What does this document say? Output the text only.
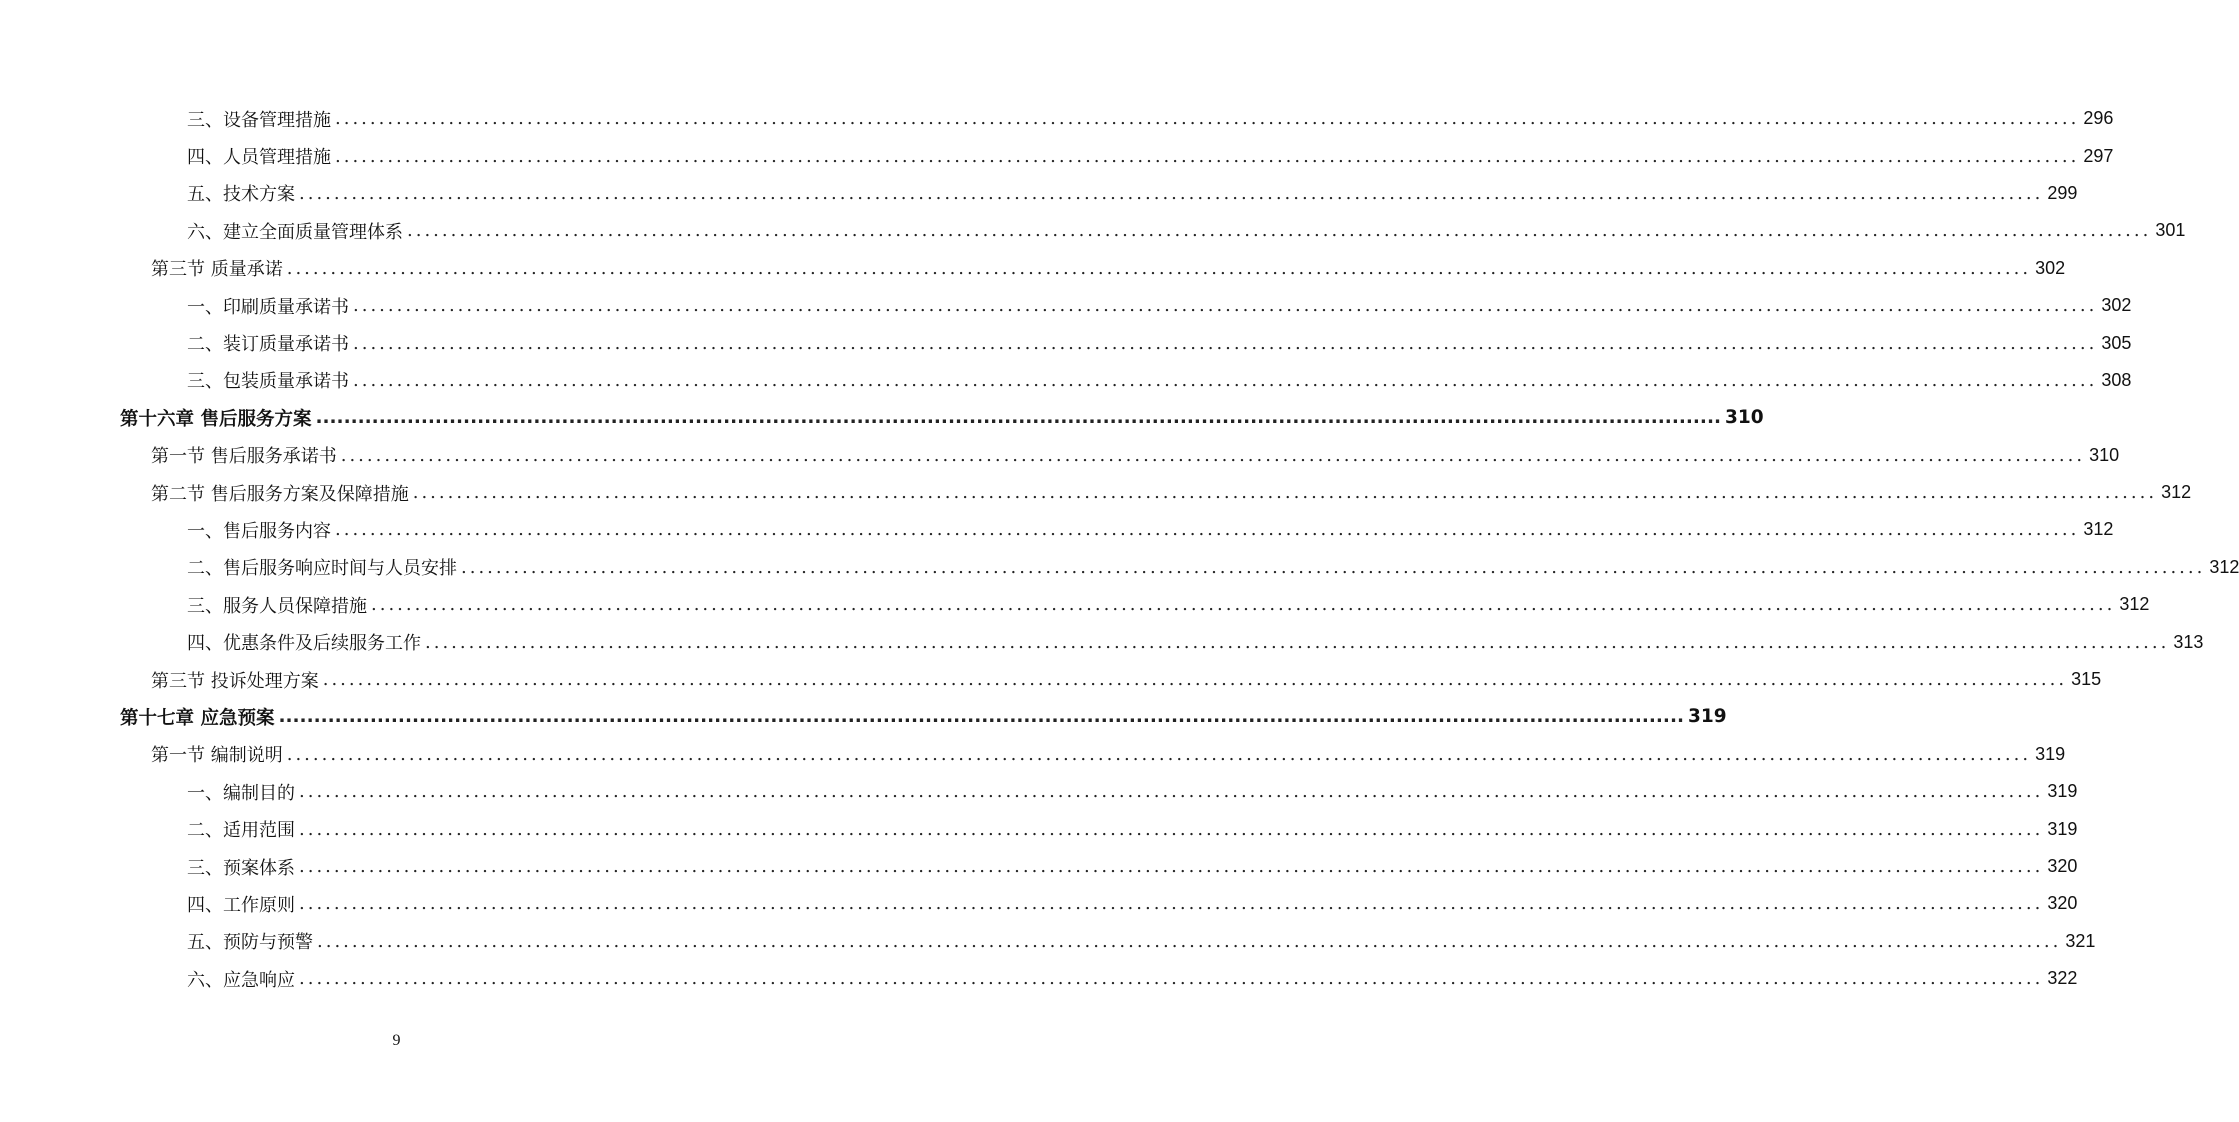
三、设备管理措施 ........................................................................................................................................................................................................ 296
四、人员管理措施 ........................................................................................................................................................................................................ 297
五、技术方案 ........................................................................................................................................................................................................ 299
六、建立全面质量管理体系 ........................................................................................................................................................................................................ 301
第三节 质量承诺 ........................................................................................................................................................................................................ 302
一、印刷质量承诺书 ........................................................................................................................................................................................................ 302
二、装订质量承诺书 ........................................................................................................................................................................................................ 305
三、包装质量承诺书 ........................................................................................................................................................................................................ 308
第十六章 售后服务方案 ........................................................................................................................................................................................................ 310
第一节 售后服务承诺书 ........................................................................................................................................................................................................ 310
第二节 售后服务方案及保障措施 ........................................................................................................................................................................................................ 312
一、售后服务内容 ........................................................................................................................................................................................................ 312
二、售后服务响应时间与人员安排 ........................................................................................................................................................................................................ 312
三、服务人员保障措施 ........................................................................................................................................................................................................ 312
四、优惠条件及后续服务工作 ........................................................................................................................................................................................................ 313
第三节 投诉处理方案 ........................................................................................................................................................................................................ 315
第十七章 应急预案 ........................................................................................................................................................................................................ 319
第一节 编制说明 ........................................................................................................................................................................................................ 319
一、编制目的 ........................................................................................................................................................................................................ 319
二、适用范围 ........................................................................................................................................................................................................ 319
三、预案体系 ........................................................................................................................................................................................................ 320
四、工作原则 ........................................................................................................................................................................................................ 320
五、预防与预警 ........................................................................................................................................................................................................ 321
六、应急响应 ........................................................................................................................................................................................................ 322
9
